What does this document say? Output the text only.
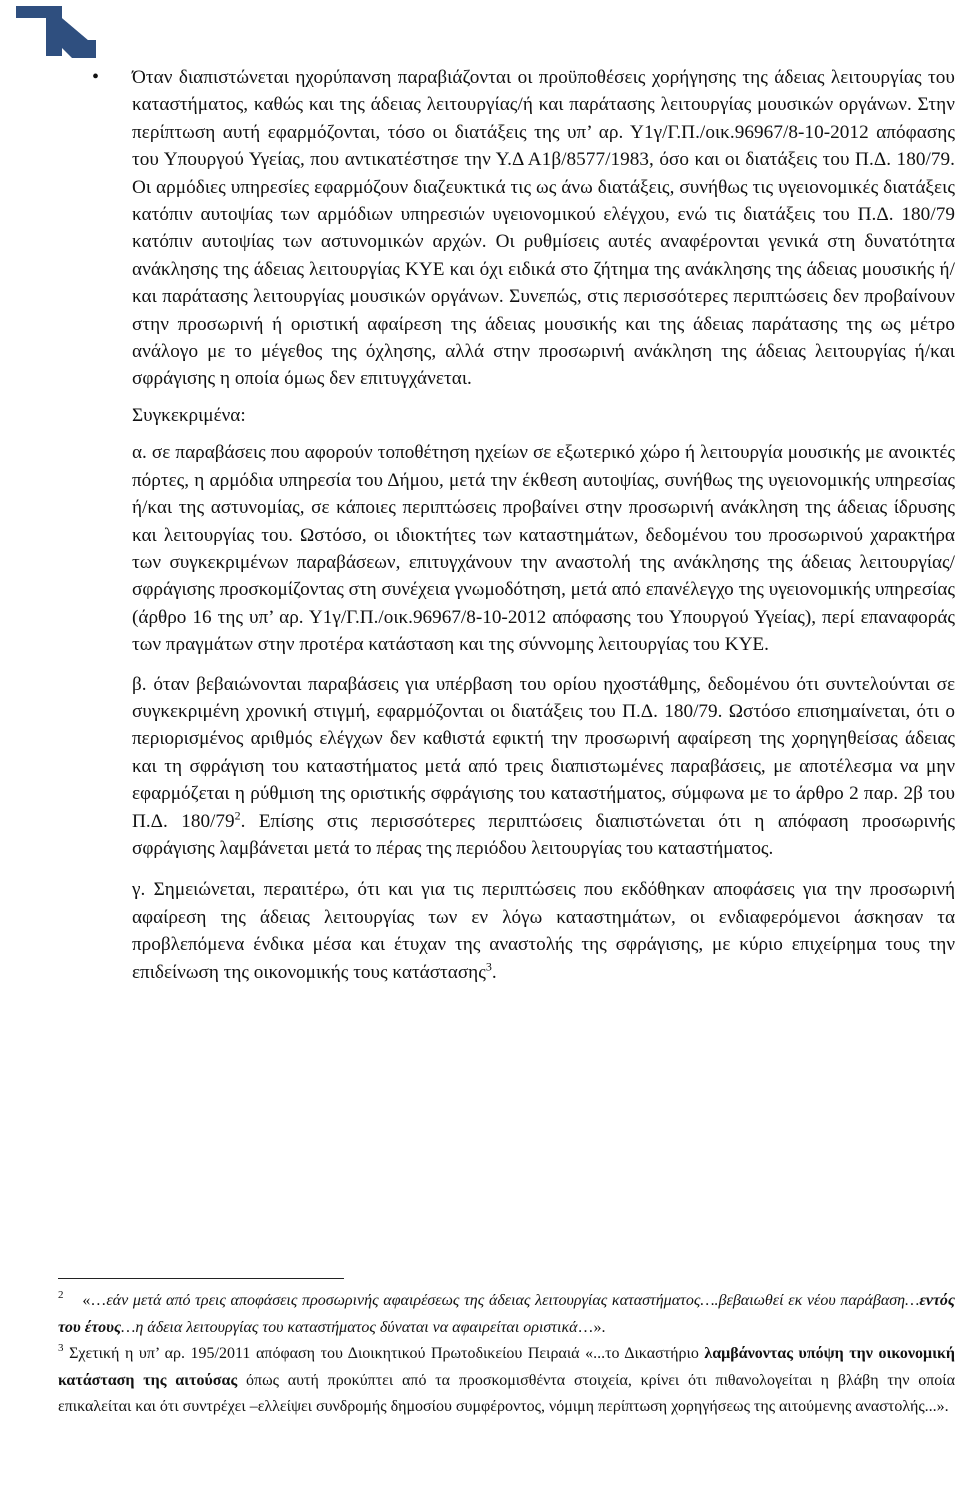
• Όταν διαπιστώνεται ηχορύπανση παραβιάζονται οι προϋποθέσεις χορήγησης της άδειας λειτουργίας του καταστήματος, καθώς και της άδειας λειτουργίας/ή και παράτασης λειτουργίας μουσικών οργάνων. Στην περίπτωση αυτή εφαρμόζονται, τόσο οι διατάξεις της υπ’ αρ. Υ1γ/Γ.Π./οικ.96967/8-10-2012 απόφασης του Υπουργού Υγείας, που αντικατέστησε την Υ.Δ Α1β/8577/1983, όσο και οι διατάξεις του Π.Δ. 180/79. Οι αρμόδιες υπηρεσίες εφαρμόζουν διαζευκτικά τις ως άνω διατάξεις, συνήθως τις υγειονομικές διατάξεις κατόπιν αυτοψίας των αρμόδιων υπηρεσιών υγειονομικού ελέγχου, ενώ τις διατάξεις του Π.Δ. 180/79 κατόπιν αυτοψίας των αστυνομικών αρχών. Οι ρυθμίσεις αυτές αναφέρονται γενικά στη δυνατότητα ανάκλησης της άδειας λειτουργίας ΚΥΕ και όχι ειδικά στο ζήτημα της ανάκλησης της άδειας μουσικής ή/και παράτασης λειτουργίας μουσικών οργάνων. Συνεπώς, στις περισσότερες περιπτώσεις δεν προβαίνουν στην προσωρινή ή οριστική αφαίρεση της άδειας μουσικής και της άδειας παράτασης της ως μέτρο ανάλογο με το μέγεθος της όχλησης, αλλά στην προσωρινή ανάκληση της άδειας λειτουργίας ή/και σφράγισης η οποία όμως δεν επιτυγχάνεται.

Συγκεκριμένα:

α. σε παραβάσεις που αφορούν τοποθέτηση ηχείων σε εξωτερικό χώρο ή λειτουργία μουσικής με ανοικτές πόρτες, η αρμόδια υπηρεσία του Δήμου, μετά την έκθεση αυτοψίας, συνήθως της υγειονομικής υπηρεσίας ή/και της αστυνομίας, σε κάποιες περιπτώσεις προβαίνει στην προσωρινή ανάκληση της άδειας ίδρυσης και λειτουργίας του. Ωστόσο, οι ιδιοκτήτες των καταστημάτων, δεδομένου του προσωρινού χαρακτήρα των συγκεκριμένων παραβάσεων, επιτυγχάνουν την αναστολή της ανάκλησης της άδειας λειτουργίας/σφράγισης προσκομίζοντας στη συνέχεια γνωμοδότηση, μετά από επανέλεγχο της υγειονομικής υπηρεσίας (άρθρο 16 της υπ’ αρ. Υ1γ/Γ.Π./οικ.96967/8-10-2012 απόφασης του Υπουργού Υγείας), περί επαναφοράς των πραγμάτων στην προτέρα κατάσταση και της σύννομης λειτουργίας του ΚΥΕ.

β. όταν βεβαιώνονται παραβάσεις για υπέρβαση του ορίου ηχοστάθμης, δεδομένου ότι συντελούνται σε συγκεκριμένη χρονική στιγμή, εφαρμόζονται οι διατάξεις του Π.Δ. 180/79. Ωστόσο επισημαίνεται, ότι ο περιορισμένος αριθμός ελέγχων δεν καθιστά εφικτή την προσωρινή αφαίρεση της χορηγηθείσας άδειας και τη σφράγιση του καταστήματος μετά από τρεις διαπιστωμένες παραβάσεις, με αποτέλεσμα να μην εφαρμόζεται η ρύθμιση της οριστικής σφράγισης του καταστήματος, σύμφωνα με το άρθρο 2 παρ. 2β του Π.Δ. $180/79^2$. Επίσης στις περισσότερες περιπτώσεις διαπιστώνεται ότι η απόφαση προσωρινής σφράγισης λαμβάνεται μετά το πέρας της περιόδου λειτουργίας του καταστήματος.

γ. Σημειώνεται, περαιτέρω, ότι και για τις περιπτώσεις που εκδόθηκαν αποφάσεις για την προσωρινή αφαίρεση της άδειας λειτουργίας των εν λόγω καταστημάτων, οι ενδιαφερόμενοι άσκησαν τα προβλεπόμενα ένδικα μέσα και έτυχαν της αναστολής της σφράγισης, με κύριο επιχείρημα τους την επιδείνωση της οικονομικής τους κατάστασης$^3$.

$^2$ «…εάν μετά από τρεις αποφάσεις προσωρινής αφαιρέσεως της άδειας λειτουργίας καταστήματος….βεβαιωθεί εκ νέου παράβαση…εντός του έτους…η άδεια λειτουργίας του καταστήματος δύναται να αφαιρείται οριστικά…».

$^3$ Σχετική η υπ’ αρ. 195/2011 απόφαση του Διοικητικού Πρωτοδικείου Πειραιά «...το Δικαστήριο λαμβάνοντας υπόψη την οικονομική κατάσταση της αιτούσας όπως αυτή προκύπτει από τα προσκομισθέντα στοιχεία, κρίνει ότι πιθανολογείται η βλάβη την οποία επικαλείται και ότι συντρέχει –ελλείψει συνδρομής δημοσίου συμφέροντος, νόμιμη περίπτωση χορηγήσεως της αιτούμενης αναστολής...».
